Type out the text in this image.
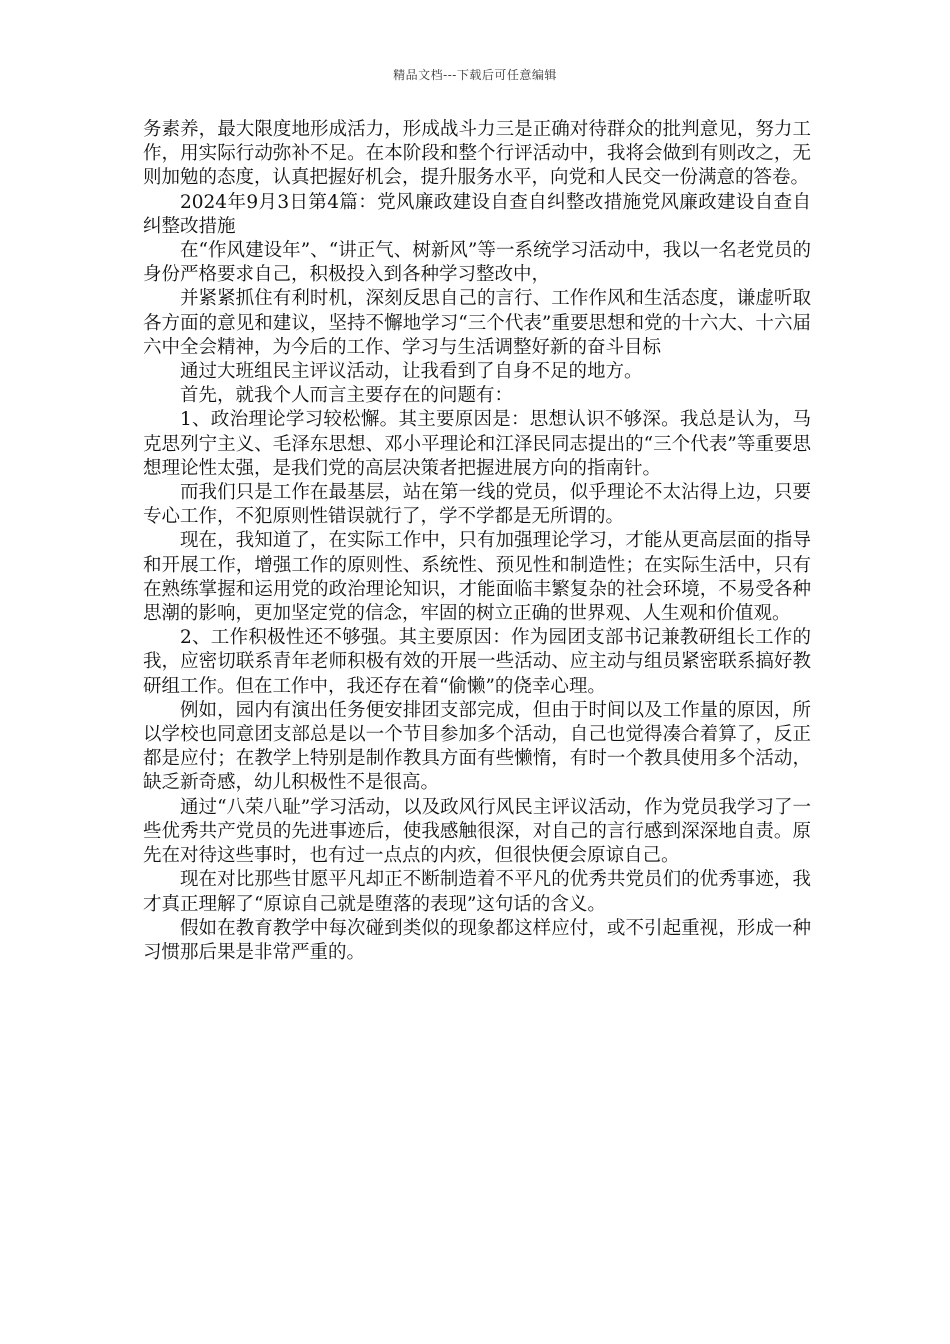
精品文档---下载后可任意编辑

务素养，最大限度地形成活力，形成战斗力三是正确对待群众的批判意见，努力工作，用实际行动弥补不足。在本阶段和整个行评活动中，我将会做到有则改之，无则加勉的态度，认真把握好机会，提升服务水平，向党和人民交一份满意的答卷。

2024年9月3日第4篇：党风廉政建设自查自纠整改措施党风廉政建设自查自纠整改措施

在“作风建设年”、“讲正气、树新风”等一系统学习活动中，我以一名老党员的身份严格要求自己，积极投入到各种学习整改中，

并紧紧抓住有利时机，深刻反思自己的言行、工作作风和生活态度，谦虚听取各方面的意见和建议，坚持不懈地学习“三个代表”重要思想和党的十六大、十六届六中全会精神，为今后的工作、学习与生活调整好新的奋斗目标

通过大班组民主评议活动，让我看到了自身不足的地方。

首先，就我个人而言主要存在的问题有：

1、政治理论学习较松懈。其主要原因是：思想认识不够深。我总是认为，马克思列宁主义、毛泽东思想、邓小平理论和江泽民同志提出的“三个代表”等重要思想理论性太强，是我们党的高层决策者把握进展方向的指南针。

而我们只是工作在最基层，站在第一线的党员，似乎理论不太沾得上边，只要专心工作，不犯原则性错误就行了，学不学都是无所谓的。

现在，我知道了，在实际工作中，只有加强理论学习，才能从更高层面的指导和开展工作，增强工作的原则性、系统性、预见性和制造性；在实际生活中，只有在熟练掌握和运用党的政治理论知识，才能面临丰繁复杂的社会环境，不易受各种思潮的影响，更加坚定党的信念，牢固的树立正确的世界观、人生观和价值观。

2、工作积极性还不够强。其主要原因：作为园团支部书记兼教研组长工作的我，应密切联系青年老师积极有效的开展一些活动、应主动与组员紧密联系搞好教研组工作。但在工作中，我还存在着“偷懒”的侥幸心理。

例如，园内有演出任务便安排团支部完成，但由于时间以及工作量的原因，所以学校也同意团支部总是以一个节目参加多个活动，自己也觉得凑合着算了，反正都是应付；在教学上特别是制作教具方面有些懒惰，有时一个教具使用多个活动，缺乏新奇感，幼儿积极性不是很高。

通过“八荣八耻”学习活动，以及政风行风民主评议活动，作为党员我学习了一些优秀共产党员的先进事迹后，使我感触很深，对自己的言行感到深深地自责。原先在对待这些事时，也有过一点点的内疚，但很快便会原谅自己。

现在对比那些甘愿平凡却正不断制造着不平凡的优秀共党员们的优秀事迹，我才真正理解了“原谅自己就是堕落的表现”这句话的含义。

假如在教育教学中每次碰到类似的现象都这样应付，或不引起重视，形成一种习惯那后果是非常严重的。
